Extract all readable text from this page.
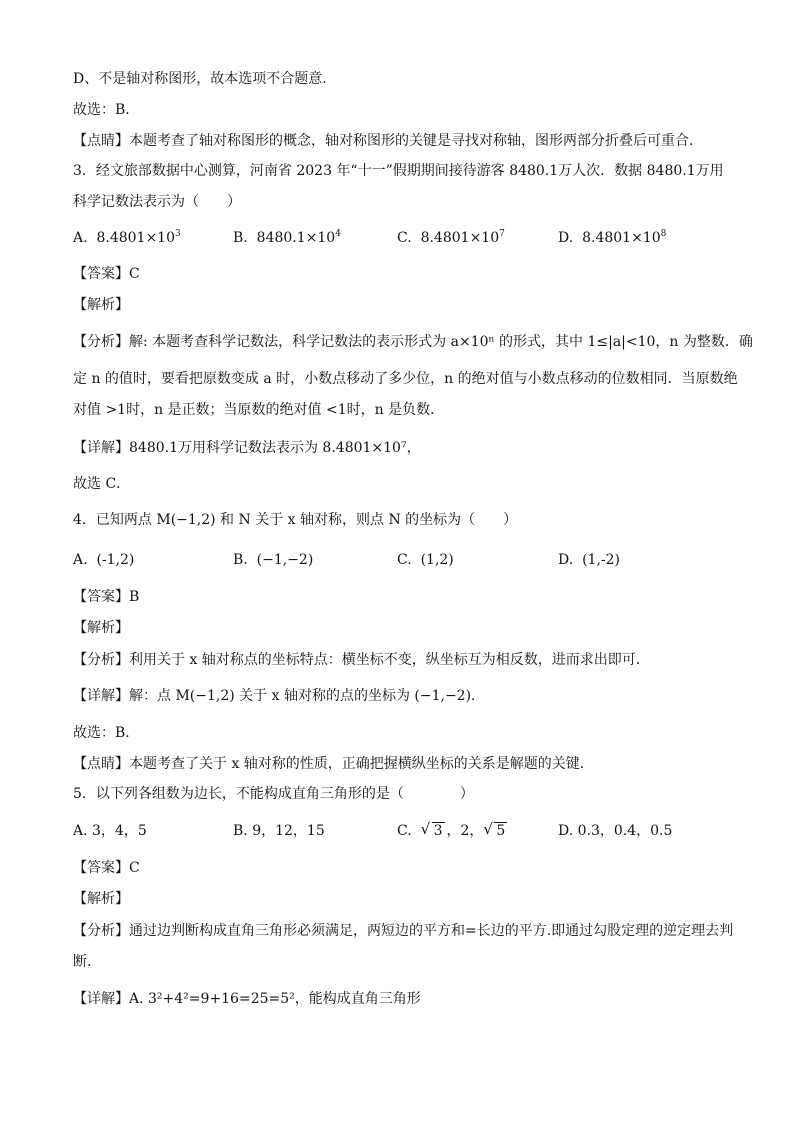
D、不是轴对称图形，故本选项不合题意．
故选：B．
【点睛】本题考查了轴对称图形的概念，轴对称图形的关键是寻找对称轴，图形两部分折叠后可重合.
3．经文旅部数据中心测算，河南省 2023 年“十一”假期期间接待游客 8480.1万人次．数据 8480.1万用
科学记数法表示为（　　）
A. $8.4801\times 10^3$	B. $8480.1\times 10^4$	C. $8.4801\times 10^7$	D. $8.4801\times 10^8$
【答案】C
【解析】
【分析】解: 本题考查科学记数法，科学记数法的表示形式为 a×10ⁿ 的形式，其中 1≤|a|<10，n 为整数．确
定 n 的值时，要看把原数变成 a 时，小数点移动了多少位，n 的绝对值与小数点移动的位数相同．当原数绝
对值 >1时，n 是正数；当原数的绝对值 <1时，n 是负数．
【详解】8480.1万用科学记数法表示为 8.4801×10⁷，
故选 C．
4．已知两点 M(−1,2) 和 N 关于 x 轴对称，则点 N 的坐标为（　　）
A. (-1,2)	B. (−1,−2)	C. (1,2)	D. (1,-2)
【答案】B
【解析】
【分析】利用关于 x 轴对称点的坐标特点：横坐标不变，纵坐标互为相反数，进而求出即可．
【详解】解：点 M(−1,2) 关于 x 轴对称的点的坐标为 (−1,−2)．
故选：B．
【点睛】本题考查了关于 x 轴对称的性质，正确把握横纵坐标的关系是解题的关键．
5．以下列各组数为边长，不能构成直角三角形的是（　　　　）
A. 3，4，5	B. 9，12，15	C. √ 3 ，2， √ 5	D. 0.3，0.4，0.5
【答案】C
【解析】
【分析】通过边判断构成直角三角形必须满足，两短边的平方和=长边的平方.即通过勾股定理的逆定理去判
断.
【详解】A. 3²+4²=9+16=25=5²，能构成直角三角形
